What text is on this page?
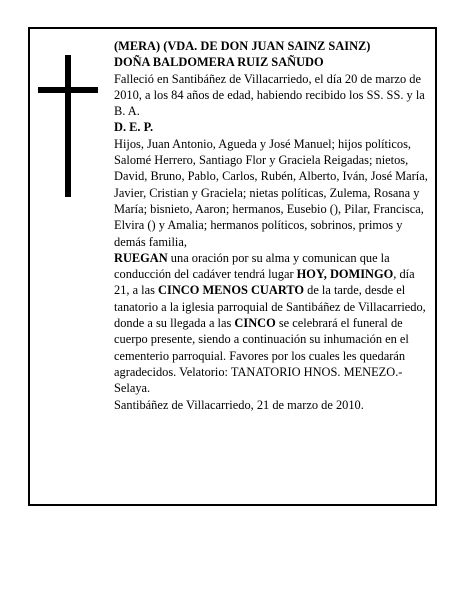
(MERA) (VDA. DE DON JUAN SAINZ SAINZ)

DOÑA BALDOMERA RUIZ SAÑUDO

Falleció en Santibáñez de Villacarriedo, el día 20 de marzo de 2010, a los 84 años de edad, habiendo recibido los SS. SS. y la B. A.

D. E. P.

Hijos, Juan Antonio, Agueda y José Manuel; hijos políticos, Salomé Herrero, Santiago Flor y Graciela Reigadas; nietos, David, Bruno, Pablo, Carlos, Rubén, Alberto, Iván, José María, Javier, Cristian y Graciela; nietas políticas, Zulema, Rosana y María; bisnieto, Aaron; hermanos, Eusebio (), Pilar, Francisca, Elvira () y Amalia; hermanos políticos, sobrinos, primos y demás familia,

RUEGAN una oración por su alma y comunican que la conducción del cadáver tendrá lugar HOY, DOMINGO, día 21, a las CINCO MENOS CUARTO de la tarde, desde el tanatorio a la iglesia parroquial de Santibáñez de Villacarriedo, donde a su llegada a las CINCO se celebrará el funeral de cuerpo presente, siendo a continuación su inhumación en el cementerio parroquial. Favores por los cuales les quedarán agradecidos. Velatorio: TANATORIO HNOS. MENEZO.-Selaya.

Santibáñez de Villacarriedo, 21 de marzo de 2010.
